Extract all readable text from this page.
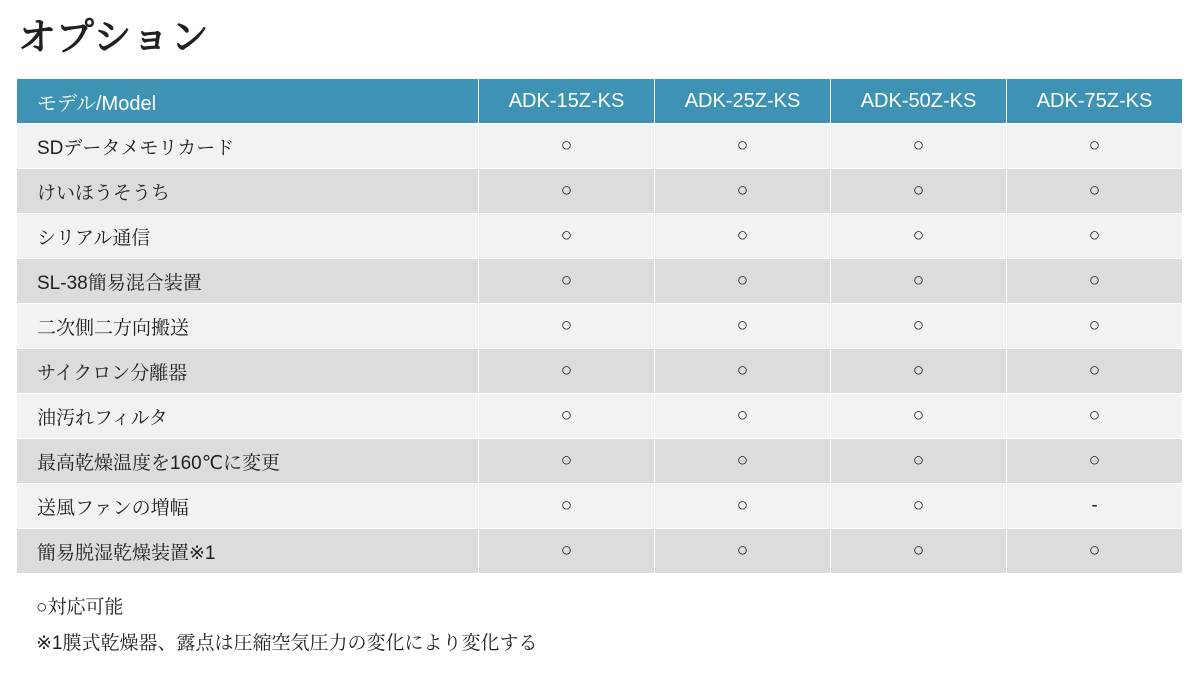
オプション
モデル/Model	ADK-15Z-KS	ADK-25Z-KS	ADK-50Z-KS	ADK-75Z-KS
SDデータメモリカード	○	○	○	○
けいほうそうち	○	○	○	○
シリアル通信	○	○	○	○
SL-38簡易混合装置	○	○	○	○
二次側二方向搬送	○	○	○	○
サイクロン分離器	○	○	○	○
油汚れフィルタ	○	○	○	○
最高乾燥温度を160℃に変更	○	○	○	○
送風ファンの増幅	○	○	○	-
簡易脱湿乾燥装置※1	○	○	○	○
○対応可能
※1膜式乾燥器、露点は圧縮空気圧力の変化により変化する
